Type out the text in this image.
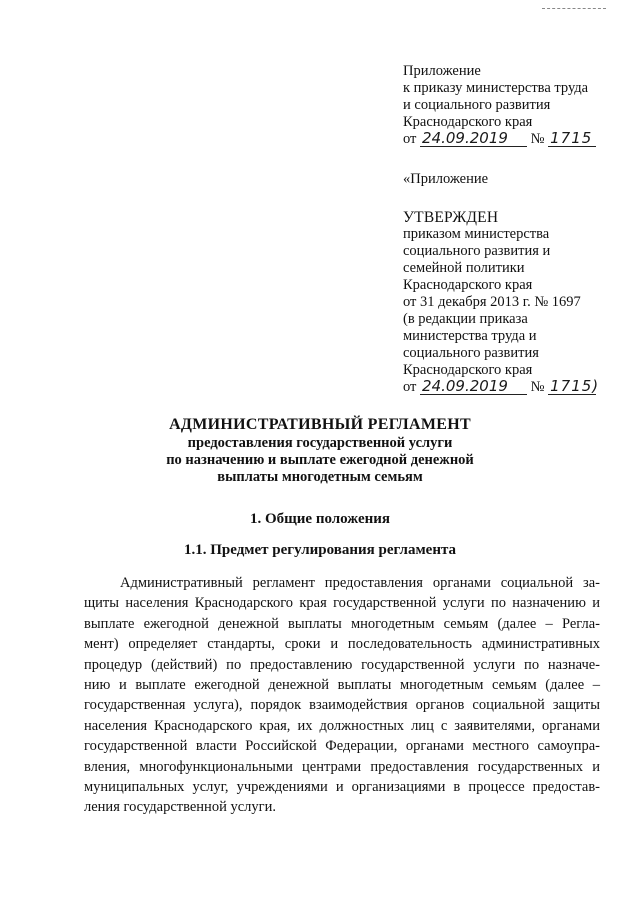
Приложение
к приказу министерства труда
и социального развития
Краснодарского края
от 24.09.2019 № 1715
«Приложение
УТВЕРЖДЕН
приказом министерства
социального развития и
семейной политики
Краснодарского края
от 31 декабря 2013 г. № 1697
(в редакции приказа
министерства труда и
социального развития
Краснодарского края
от 24.09.2019 № 1715)
АДМИНИСТРАТИВНЫЙ РЕГЛАМЕНТ
предоставления государственной услуги
по назначению и выплате ежегодной денежной
выплаты многодетным семьям
1. Общие положения
1.1. Предмет регулирования регламента
Административный регламент предоставления органами социальной за-
щиты населения Краснодарского края государственной услуги по назначению и
выплате ежегодной денежной выплаты многодетным семьям (далее – Регла-
мент) определяет стандарты, сроки и последовательность административных
процедур (действий) по предоставлению государственной услуги по назначе-
нию и выплате ежегодной денежной выплаты многодетным семьям (далее –
государственная услуга), порядок взаимодействия органов социальной защиты
населения Краснодарского края, их должностных лиц с заявителями, органами
государственной власти Российской Федерации, органами местного самоупра-
вления, многофункциональными центрами предоставления государственных и
муниципальных услуг, учреждениями и организациями в процессе предостав-
ления государственной услуги.
